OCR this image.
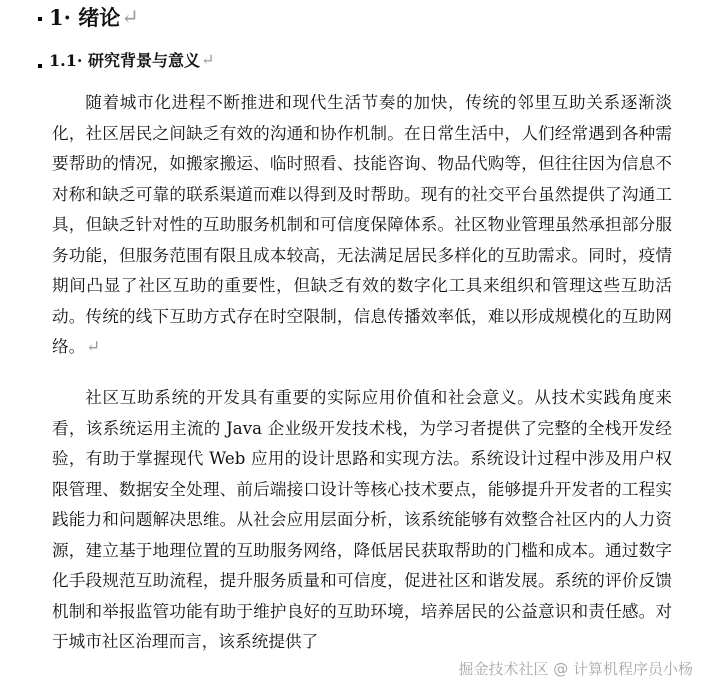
1· 绪论 ↵
1.1· 研究背景与意义 ↵

随着城市化进程不断推进和现代生活节奏的加快，传统的邻里互助关系逐渐淡化，社区居民之间缺乏有效的沟通和协作机制。在日常生活中，人们经常遇到各种需要帮助的情况，如搬家搬运、临时照看、技能咨询、物品代购等，但往往因为信息不对称和缺乏可靠的联系渠道而难以得到及时帮助。现有的社交平台虽然提供了沟通工具，但缺乏针对性的互助服务机制和可信度保障体系。社区物业管理虽然承担部分服务功能，但服务范围有限且成本较高，无法满足居民多样化的互助需求。同时，疫情期间凸显了社区互助的重要性，但缺乏有效的数字化工具来组织和管理这些互助活动。传统的线下互助方式存在时空限制，信息传播效率低，难以形成规模化的互助网络。↵

社区互助系统的开发具有重要的实际应用价值和社会意义。从技术实践角度来看，该系统运用主流的 Java 企业级开发技术栈，为学习者提供了完整的全栈开发经验，有助于掌握现代 Web 应用的设计思路和实现方法。系统设计过程中涉及用户权限管理、数据安全处理、前后端接口设计等核心技术要点，能够提升开发者的工程实践能力和问题解决思维。从社会应用层面分析，该系统能够有效整合社区内的人力资源，建立基于地理位置的互助服务网络，降低居民获取帮助的门槛和成本。通过数字化手段规范互助流程，提升服务质量和可信度，促进社区和谐发展。系统的评价反馈机制和举报监管功能有助于维护良好的互助环境，培养居民的公益意识和责任感。对于城市社区治理而言，该系统提供了

掘金技术社区 @ 计算机程序员小杨
